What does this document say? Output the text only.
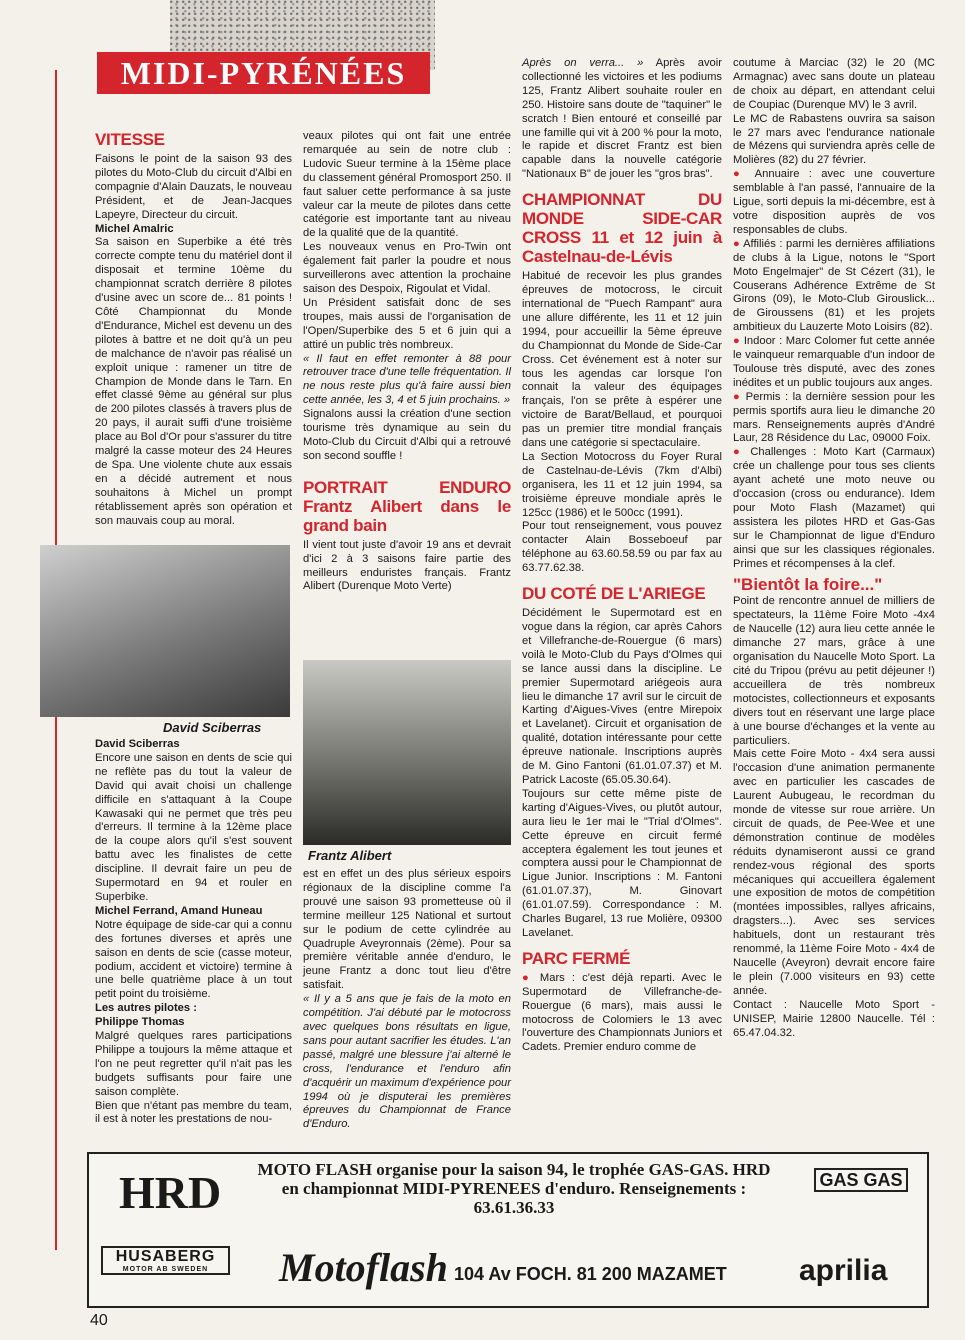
MIDI-PYRÉNÉES
VITESSE

Faisons le point de la saison 93 des pilotes du Moto-Club du circuit d'Albi en compagnie d'Alain Dauzats, le nouveau Président, et de Jean-Jacques Lapeyre, Directeur du circuit.

Michel Amalric

Sa saison en Superbike a été très correcte compte tenu du matériel dont il disposait et termine 10ème du championnat scratch derrière 8 pilotes d'usine avec un score de... 81 points ! Côté Championnat du Monde d'Endurance, Michel est devenu un des pilotes à battre et ne doit qu'à un peu de malchance de n'avoir pas réalisé un exploit unique : ramener un titre de Champion de Monde dans le Tarn. En effet classé 9ème au général sur plus de 200 pilotes classés à travers plus de 20 pays, il aurait suffi d'une troisième place au Bol d'Or pour s'assurer du titre malgré la casse moteur des 24 Heures de Spa. Une violente chute aux essais en a décidé autrement et nous souhaitons à Michel un prompt rétablissement après son opération et son mauvais coup au moral.

David Sciberras
David Sciberras

Encore une saison en dents de scie qui ne reflète pas du tout la valeur de David qui avait choisi un challenge difficile en s'attaquant à la Coupe Kawasaki qui ne permet que très peu d'erreurs. Il termine à la 12ème place de la coupe alors qu'il s'est souvent battu avec les finalistes de cette discipline. Il devrait faire un peu de Supermotard en 94 et rouler en Superbike.

Michel Ferrand, Amand Huneau

Notre équipage de side-car qui a connu des fortunes diverses et après une saison en dents de scie (casse moteur, podium, accident et victoire) termine à une belle quatrième place à un tout petit point du troisième.

Les autres pilotes :
Philippe Thomas

Malgré quelques rares participations Philippe a toujours la même attaque et l'on ne peut regretter qu'il n'ait pas les budgets suffisants pour faire une saison complète.

Bien que n'étant pas membre du team, il est à noter les prestations de nou-

veaux pilotes qui ont fait une entrée remarquée au sein de notre club : Ludovic Sueur termine à la 15ème place du classement général Promosport 250. Il faut saluer cette performance à sa juste valeur car la meute de pilotes dans cette catégorie est importante tant au niveau de la qualité que de la quantité.

Les nouveaux venus en Pro-Twin ont également fait parler la poudre et nous surveillerons avec attention la prochaine saison des Despoix, Rigoulat et Vidal.

Un Président satisfait donc de ses troupes, mais aussi de l'organisation de l'Open/Superbike des 5 et 6 juin qui a attiré un public très nombreux.

« Il faut en effet remonter à 88 pour retrouver trace d'une telle fréquentation. Il ne nous reste plus qu'à faire aussi bien cette année, les 3, 4 et 5 juin prochains. »

Signalons aussi la création d'une section tourisme très dynamique au sein du Moto-Club du Circuit d'Albi qui a retrouvé son second souffle !

PORTRAIT ENDURO Frantz Alibert dans le grand bain

Il vient tout juste d'avoir 19 ans et devrait d'ici 2 à 3 saisons faire partie des meilleurs enduristes français. Frantz Alibert (Durenque Moto Verte)

Frantz Alibert

est en effet un des plus sérieux espoirs régionaux de la discipline comme l'a prouvé une saison 93 prometteuse où il termine meilleur 125 National et surtout sur le podium de cette cylindrée au Quadruple Aveyronnais (2ème). Pour sa première véritable année d'enduro, le jeune Frantz a donc tout lieu d'être satisfait.

« Il y a 5 ans que je fais de la moto en compétition. J'ai débuté par le motocross avec quelques bons résultats en ligue, sans pour autant sacrifier les études. L'an passé, malgré une blessure j'ai alterné le cross, l'endurance et l'enduro afin d'acquérir un maximum d'expérience pour 1994 où je disputerai les premières épreuves du Championnat de France d'Enduro.

Après on verra... » Après avoir collectionné les victoires et les podiums 125, Frantz Alibert souhaite rouler en 250. Histoire sans doute de "taquiner" le scratch ! Bien entouré et conseillé par une famille qui vit à 200 % pour la moto, le rapide et discret Frantz est bien capable dans la nouvelle catégorie "Nationaux B" de jouer les "gros bras".

CHAMPIONNAT DU MONDE SIDE-CAR CROSS 11 et 12 juin à Castelnau-de-Lévis

Habitué de recevoir les plus grandes épreuves de motocross, le circuit international de "Puech Rampant" aura une allure différente, les 11 et 12 juin 1994, pour accueillir la 5ème épreuve du Championnat du Monde de Side-Car Cross. Cet événement est à noter sur tous les agendas car lorsque l'on connait la valeur des équipages français, l'on se prête à espérer une victoire de Barat/Bellaud, et pourquoi pas un premier titre mondial français dans une catégorie si spectaculaire.

La Section Motocross du Foyer Rural de Castelnau-de-Lévis (7km d'Albi) organisera, les 11 et 12 juin 1994, sa troisième épreuve mondiale après le 125cc (1986) et le 500cc (1991).

Pour tout renseignement, vous pouvez contacter Alain Bosseboeuf par téléphone au 63.60.58.59 ou par fax au 63.77.62.38.

DU COTÉ DE L'ARIEGE

Décidément le Supermotard est en vogue dans la région, car après Cahors et Villefranche-de-Rouergue (6 mars) voilà le Moto-Club du Pays d'Olmes qui se lance aussi dans la discipline. Le premier Supermotard ariégeois aura lieu le dimanche 17 avril sur le circuit de Karting d'Aigues-Vives (entre Mirepoix et Lavelanet). Circuit et organisation de qualité, dotation intéressante pour cette épreuve nationale. Inscriptions auprès de M. Gino Fantoni (61.01.07.37) et M. Patrick Lacoste (65.05.30.64).

Toujours sur cette même piste de karting d'Aigues-Vives, ou plutôt autour, aura lieu le 1er mai le "Trial d'Olmes". Cette épreuve en circuit fermé acceptera également les tout jeunes et comptera aussi pour le Championnat de Ligue Junior. Inscriptions : M. Fantoni (61.01.07.37), M. Ginovart (61.01.07.59). Correspondance : M. Charles Bugarel, 13 rue Molière, 09300 Lavelanet.

PARC FERMÉ

● Mars : c'est déjà reparti. Avec le Supermotard de Villefranche-de-Rouergue (6 mars), mais aussi le motocross de Colomiers le 13 avec l'ouverture des Championnats Juniors et Cadets. Premier enduro comme de

coutume à Marciac (32) le 20 (MC Armagnac) avec sans doute un plateau de choix au départ, en attendant celui de Coupiac (Durenque MV) le 3 avril.

Le MC de Rabastens ouvrira sa saison le 27 mars avec l'endurance nationale de Mézens qui surviendra après celle de Molières (82) du 27 février.

● Annuaire : avec une couverture semblable à l'an passé, l'annuaire de la Ligue, sorti depuis la mi-décembre, est à votre disposition auprès de vos responsables de clubs.

● Affiliés : parmi les dernières affiliations de clubs à la Ligue, notons le "Sport Moto Engelmajer" de St Cézert (31), le Couserans Adhérence Extrême de St Girons (09), le Moto-Club Girouslick... de Giroussens (81) et les projets ambitieux du Lauzerte Moto Loisirs (82).

● Indoor : Marc Colomer fut cette année le vainqueur remarquable d'un indoor de Toulouse très disputé, avec des zones inédites et un public toujours aux anges.

● Permis : la dernière session pour les permis sportifs aura lieu le dimanche 20 mars. Renseignements auprès d'André Laur, 28 Résidence du Lac, 09000 Foix.

● Challenges : Moto Kart (Carmaux) crée un challenge pour tous ses clients ayant acheté une moto neuve ou d'occasion (cross ou endurance). Idem pour Moto Flash (Mazamet) qui assistera les pilotes HRD et Gas-Gas sur le Championnat de ligue d'Enduro ainsi que sur les classiques régionales. Primes et récompenses à la clef.

"Bientôt la foire..."

Point de rencontre annuel de milliers de spectateurs, la 11ème Foire Moto -4x4 de Naucelle (12) aura lieu cette année le dimanche 27 mars, grâce à une organisation du Naucelle Moto Sport. La cité du Tripou (prévu au petit déjeuner !) accueillera de très nombreux motocistes, collectionneurs et exposants divers tout en réservant une large place à une bourse d'échanges et la vente au particuliers.

Mais cette Foire Moto - 4x4 sera aussi l'occasion d'une animation permanente avec en particulier les cascades de Laurent Aubugeau, le recordman du monde de vitesse sur roue arrière. Un circuit de quads, de Pee-Wee et une démonstration continue de modèles réduits dynamiseront aussi ce grand rendez-vous régional des sports mécaniques qui accueillera également une exposition de motos de compétition (montées impossibles, rallyes africains, dragsters...). Avec ses services habituels, dont un restaurant très renommé, la 11ème Foire Moto - 4x4 de Naucelle (Aveyron) devrait encore faire le plein (7.000 visiteurs en 93) cette année.

Contact : Naucelle Moto Sport - UNISEP, Mairie 12800 Naucelle. Tél : 65.47.04.32.

HRD
HUSABERG
MOTOR AB SWEDEN
MOTO FLASH organise pour la saison 94, le trophée GAS-GAS. HRD en championnat MIDI-PYRENEES d'enduro. Renseignements : 63.61.36.33
Motoflash 104 Av FOCH. 81 200 MAZAMET
GAS GAS
aprilia
40
